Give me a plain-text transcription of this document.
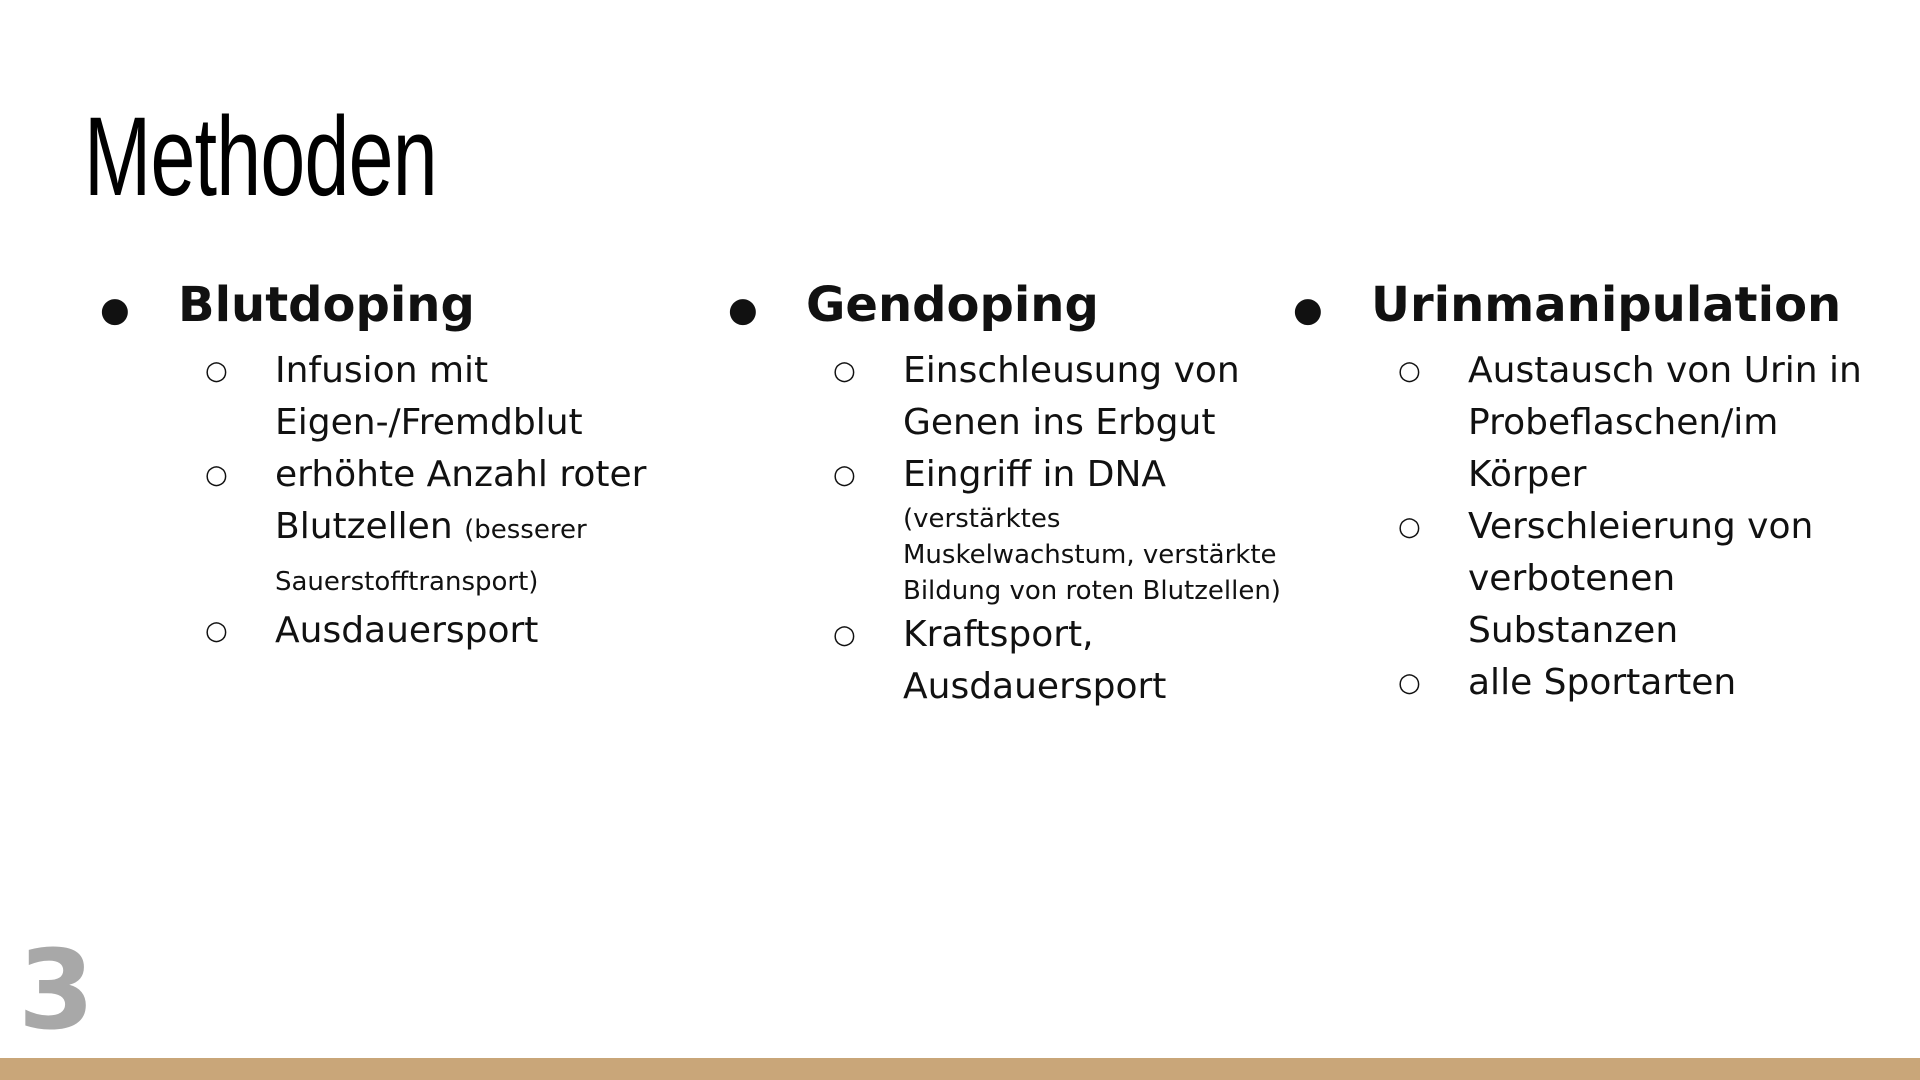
Methoden
●	Blutdoping
○	Infusion mit Eigen-/Fremdblut
○	erhöhte Anzahl roter Blutzellen (besserer Sauerstofftransport)
○	Ausdauersport
●	Gendoping
○	Einschleusung von Genen ins Erbgut
○	Eingriff in DNA
(verstärktes Muskelwachstum, verstärkte Bildung von roten Blutzellen)
○	Kraftsport, Ausdauersport
●	Urinmanipulation
○	Austausch von Urin in Probeflaschen/im Körper
○	Verschleierung von verbotenen Substanzen
○	alle Sportarten
3
